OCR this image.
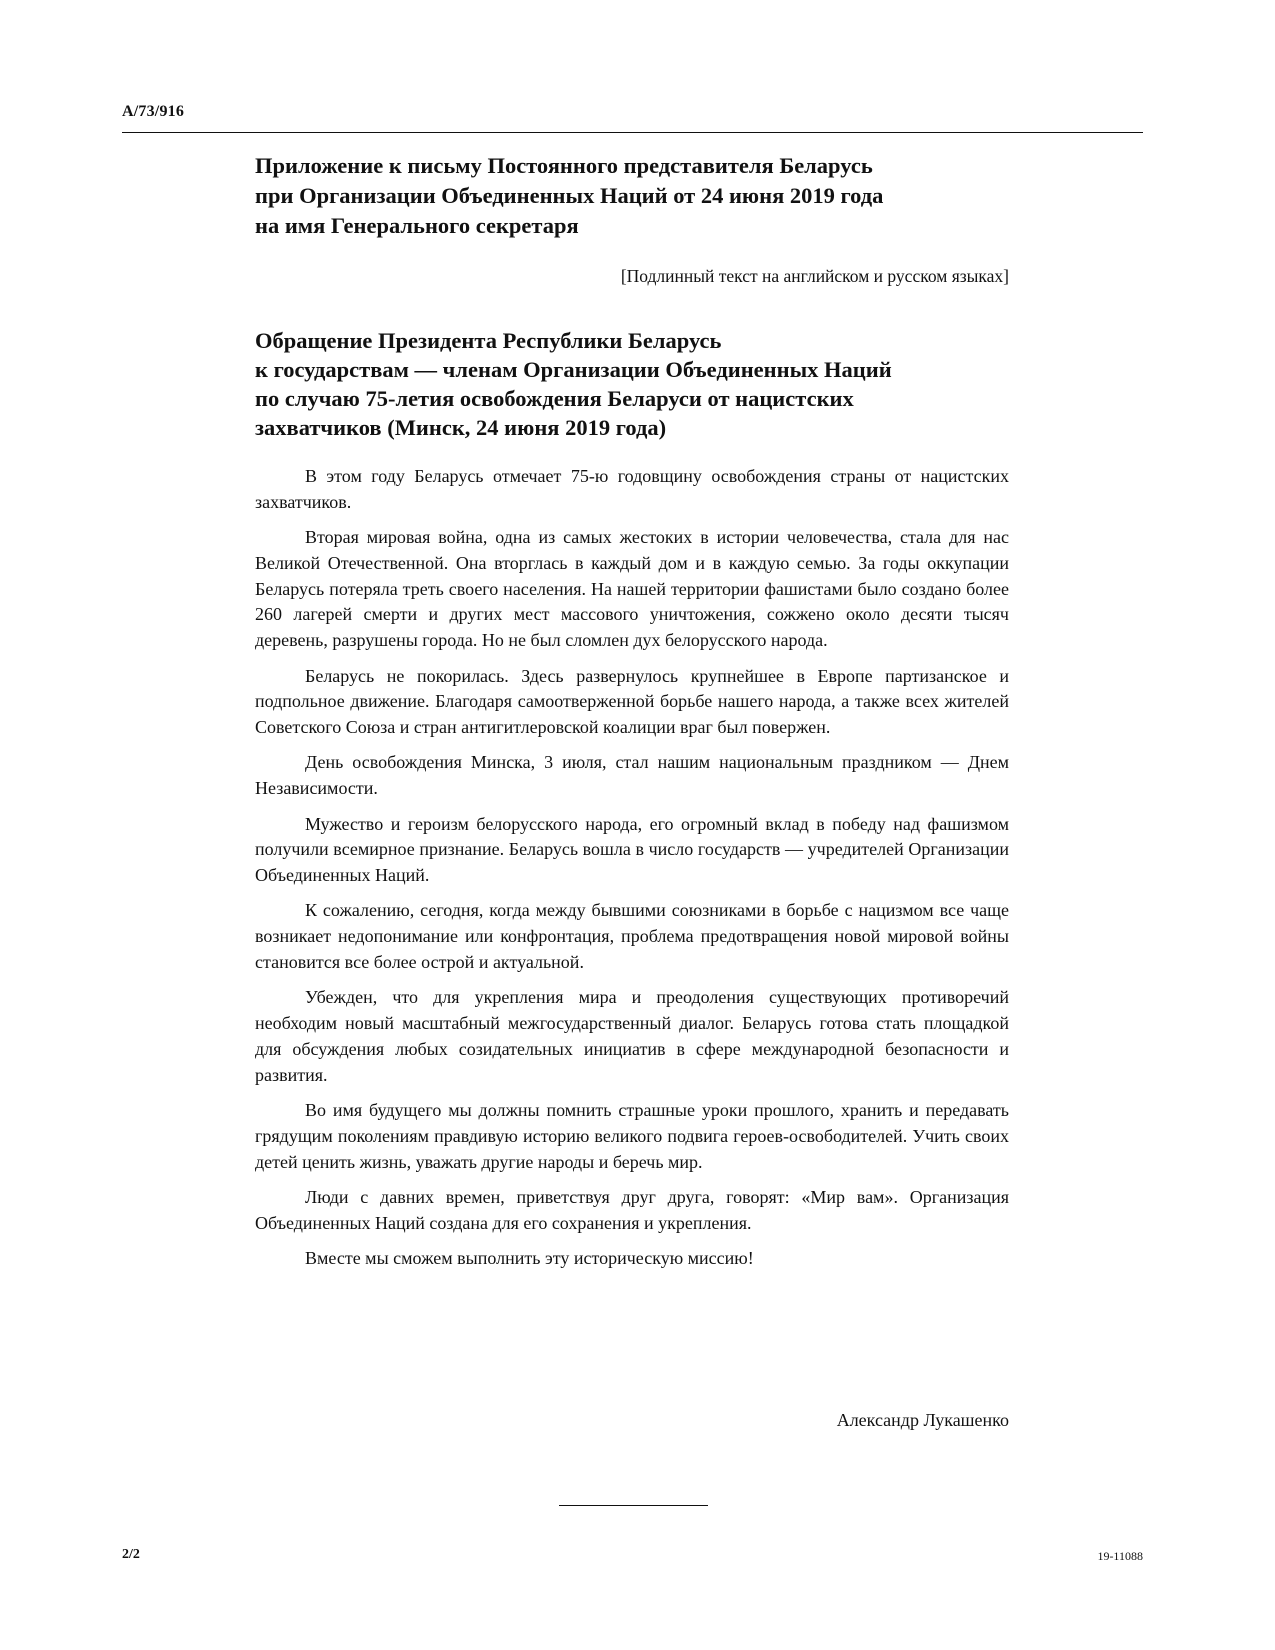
A/73/916
Приложение к письму Постоянного представителя Беларусь
при Организации Объединенных Наций от 24 июня 2019 года
на имя Генерального секретаря
[Подлинный текст на английском и русском языках]
Обращение Президента Республики Беларусь
к государствам — членам Организации Объединенных Наций
по случаю 75-летия освобождения Беларуси от нацистских
захватчиков (Минск, 24 июня 2019 года)

В этом году Беларусь отмечает 75-ю годовщину освобождения страны от нацистских захватчиков.

Вторая мировая война, одна из самых жестоких в истории человечества, стала для нас Великой Отечественной. Она вторглась в каждый дом и в каждую семью. За годы оккупации Беларусь потеряла треть своего населения. На нашей территории фашистами было создано более 260 лагерей смерти и других мест массового уничтожения, сожжено около десяти тысяч деревень, разрушены города. Но не был сломлен дух белорусского народа.

Беларусь не покорилась. Здесь развернулось крупнейшее в Европе партизанское и подпольное движение. Благодаря самоотверженной борьбе нашего народа, а также всех жителей Советского Союза и стран антигитлеровской коалиции враг был повержен.

День освобождения Минска, 3 июля, стал нашим национальным праздником — Днем Независимости.

Мужество и героизм белорусского народа, его огромный вклад в победу над фашизмом получили всемирное признание. Беларусь вошла в число государств — учредителей Организации Объединенных Наций.

К сожалению, сегодня, когда между бывшими союзниками в борьбе с нацизмом все чаще возникает недопонимание или конфронтация, проблема предотвращения новой мировой войны становится все более острой и актуальной.

Убежден, что для укрепления мира и преодоления существующих противоречий необходим новый масштабный межгосударственный диалог. Беларусь готова стать площадкой для обсуждения любых созидательных инициатив в сфере международной безопасности и развития.

Во имя будущего мы должны помнить страшные уроки прошлого, хранить и передавать грядущим поколениям правдивую историю великого подвига героев-освободителей. Учить своих детей ценить жизнь, уважать другие народы и беречь мир.

Люди с давних времен, приветствуя друг друга, говорят: «Мир вам». Организация Объединенных Наций создана для его сохранения и укрепления.

Вместе мы сможем выполнить эту историческую миссию!

Александр Лукашенко
2/2	19-11088
